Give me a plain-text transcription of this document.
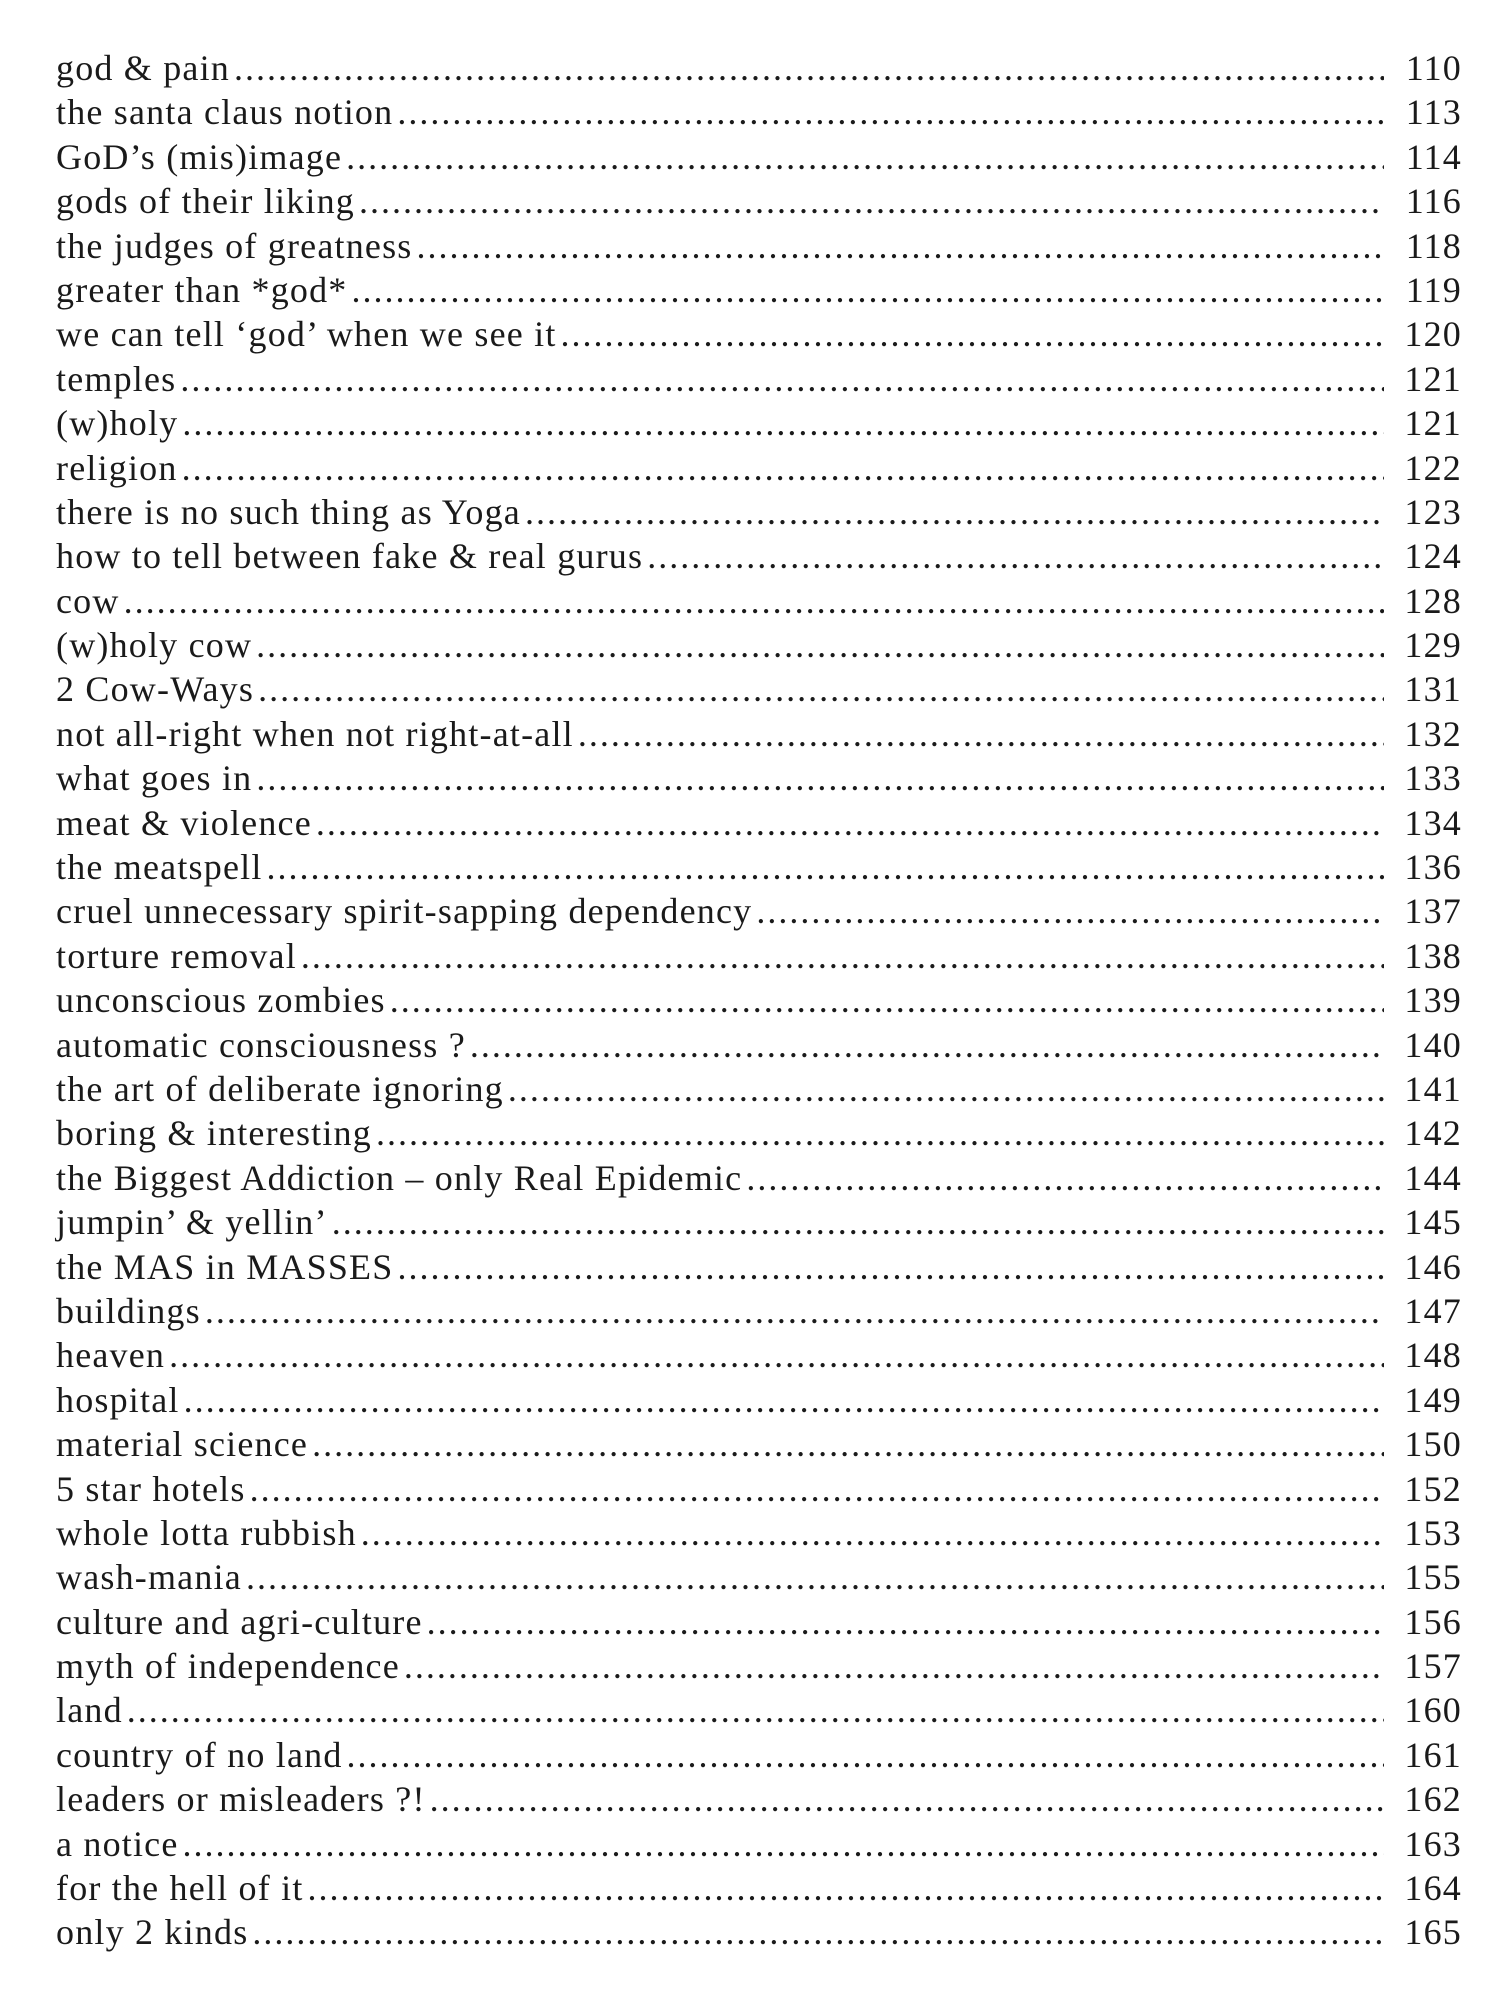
god & pain .....	110
the santa claus notion .....	113
GoD’s (mis)image .....	114
gods of their liking .....	116
the judges of greatness .....	118
greater than *god* .....	119
we can tell ‘god’ when we see it .....	120
temples .....	121
(w)holy .....	121
religion .....	122
there is no such thing as Yoga .....	123
how to tell between fake & real gurus .....	124
cow .....	128
(w)holy cow .....	129
2 Cow-Ways .....	131
not all-right when not right-at-all .....	132
what goes in .....	133
meat & violence .....	134
the meatspell .....	136
cruel unnecessary spirit-sapping dependency .....	137
torture removal .....	138
unconscious zombies .....	139
automatic consciousness ? .....	140
the art of deliberate ignoring .....	141
boring & interesting .....	142
the Biggest Addiction – only Real Epidemic .....	144
jumpin’ & yellin’ .....	145
the MAS in MASSES .....	146
buildings .....	147
heaven .....	148
hospital .....	149
material science .....	150
5 star hotels .....	152
whole lotta rubbish .....	153
wash-mania .....	155
culture and agri-culture .....	156
myth of independence .....	157
land .....	160
country of no land .....	161
leaders or misleaders ?! .....	162
a notice .....	163
for the hell of it .....	164
only 2 kinds .....	165
